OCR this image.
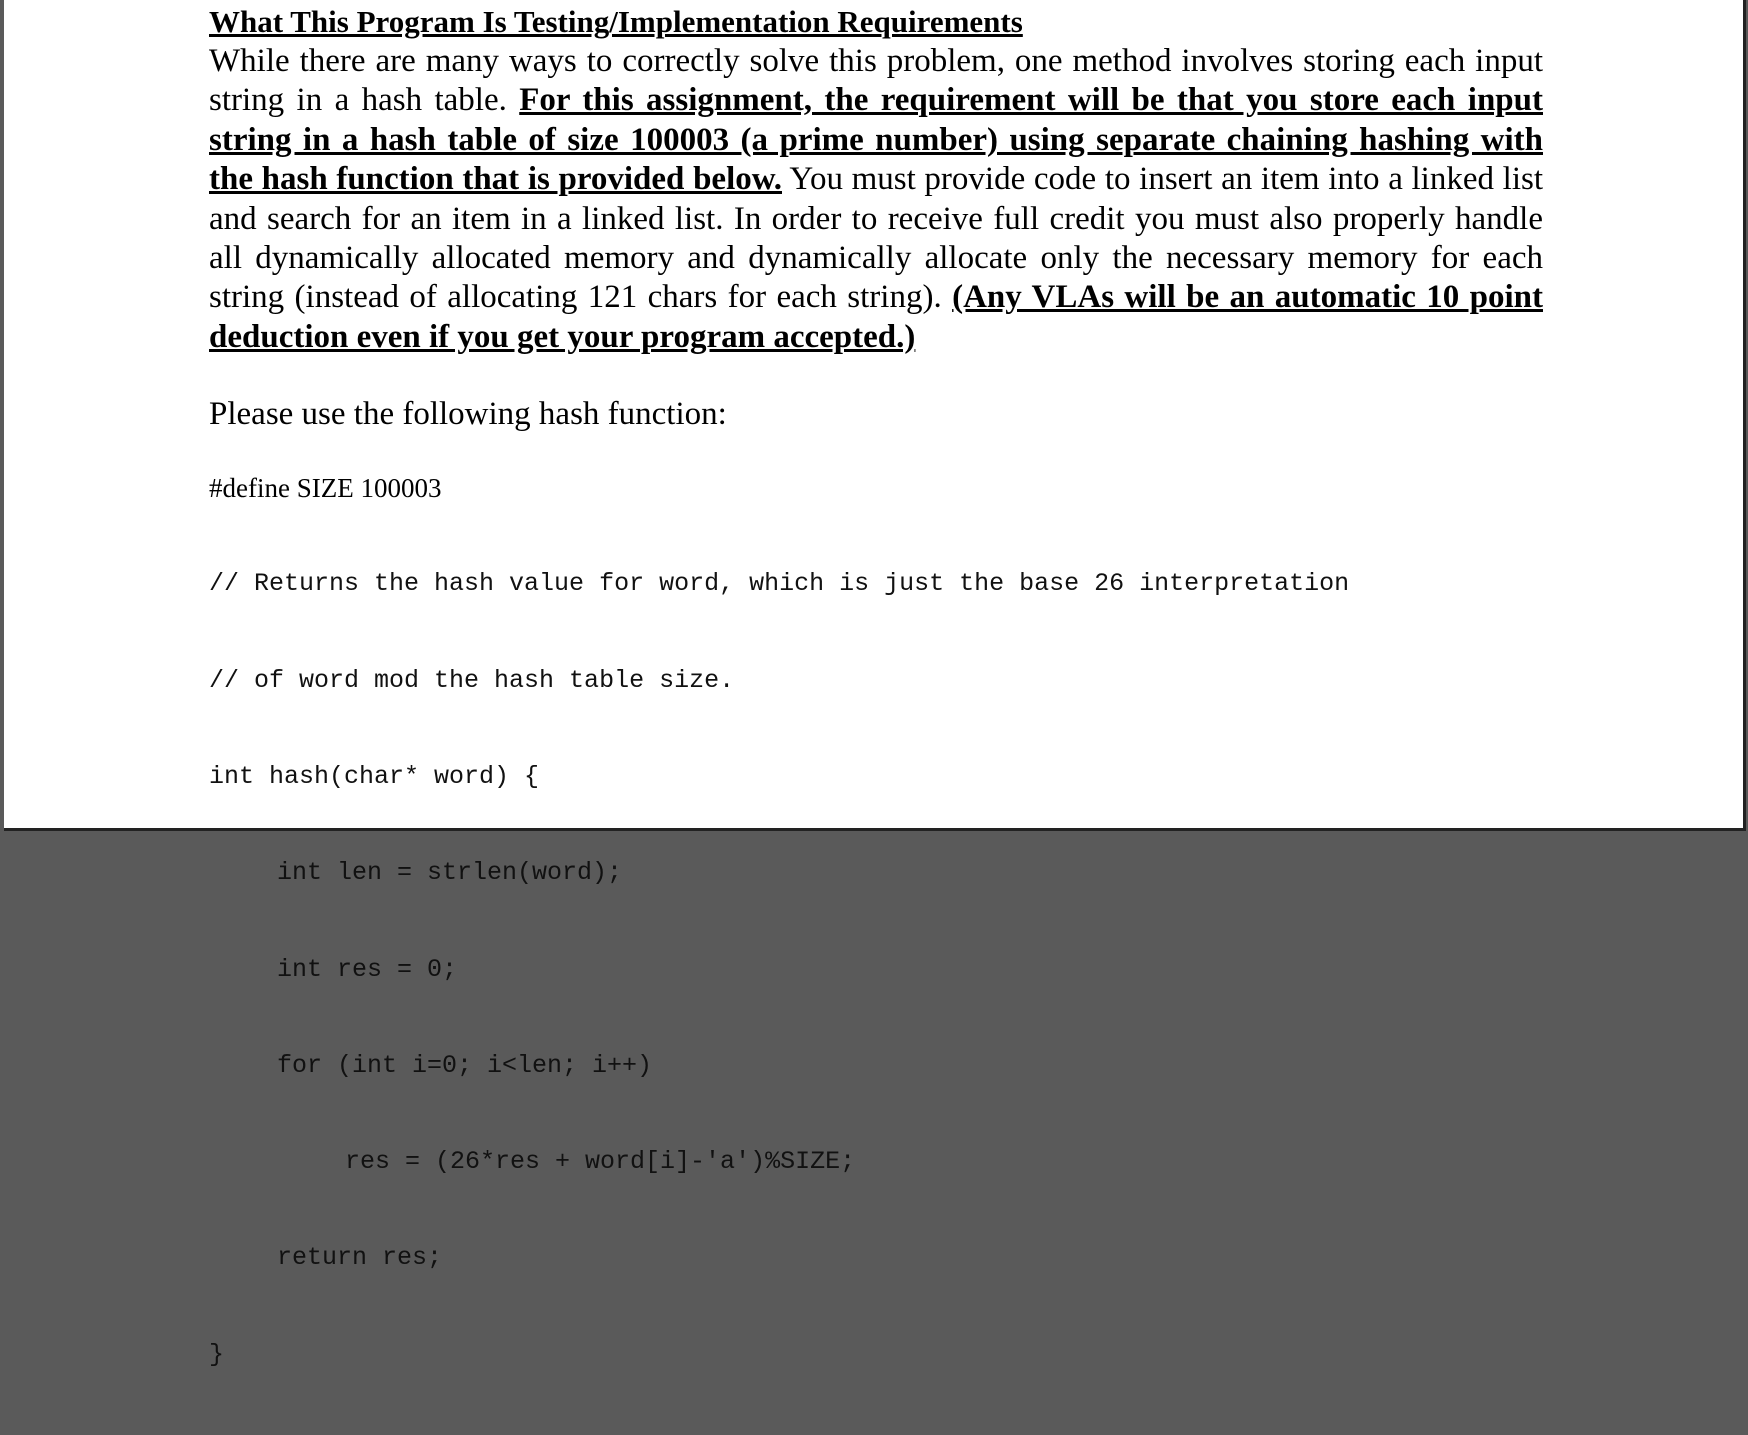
What This Program Is Testing/Implementation Requirements

While there are many ways to correctly solve this problem, one method involves storing each input string in a hash table. For this assignment, the requirement will be that you store each input string in a hash table of size 100003 (a prime number) using separate chaining hashing with the hash function that is provided below. You must provide code to insert an item into a linked list and search for an item in a linked list. In order to receive full credit you must also properly handle all dynamically allocated memory and dynamically allocate only the necessary memory for each string (instead of allocating 121 chars for each string). (Any VLAs will be an automatic 10 point deduction even if you get your program accepted.)

Please use the following hash function:
#define SIZE 100003

// Returns the hash value for word, which is just the base 26 interpretation

// of word mod the hash table size.

int hash(char* word) {

int len = strlen(word);

int res = 0;

for (int i=0; i<len; i++)

res = (26*res + word[i]-'a')%SIZE;

return res;

}
